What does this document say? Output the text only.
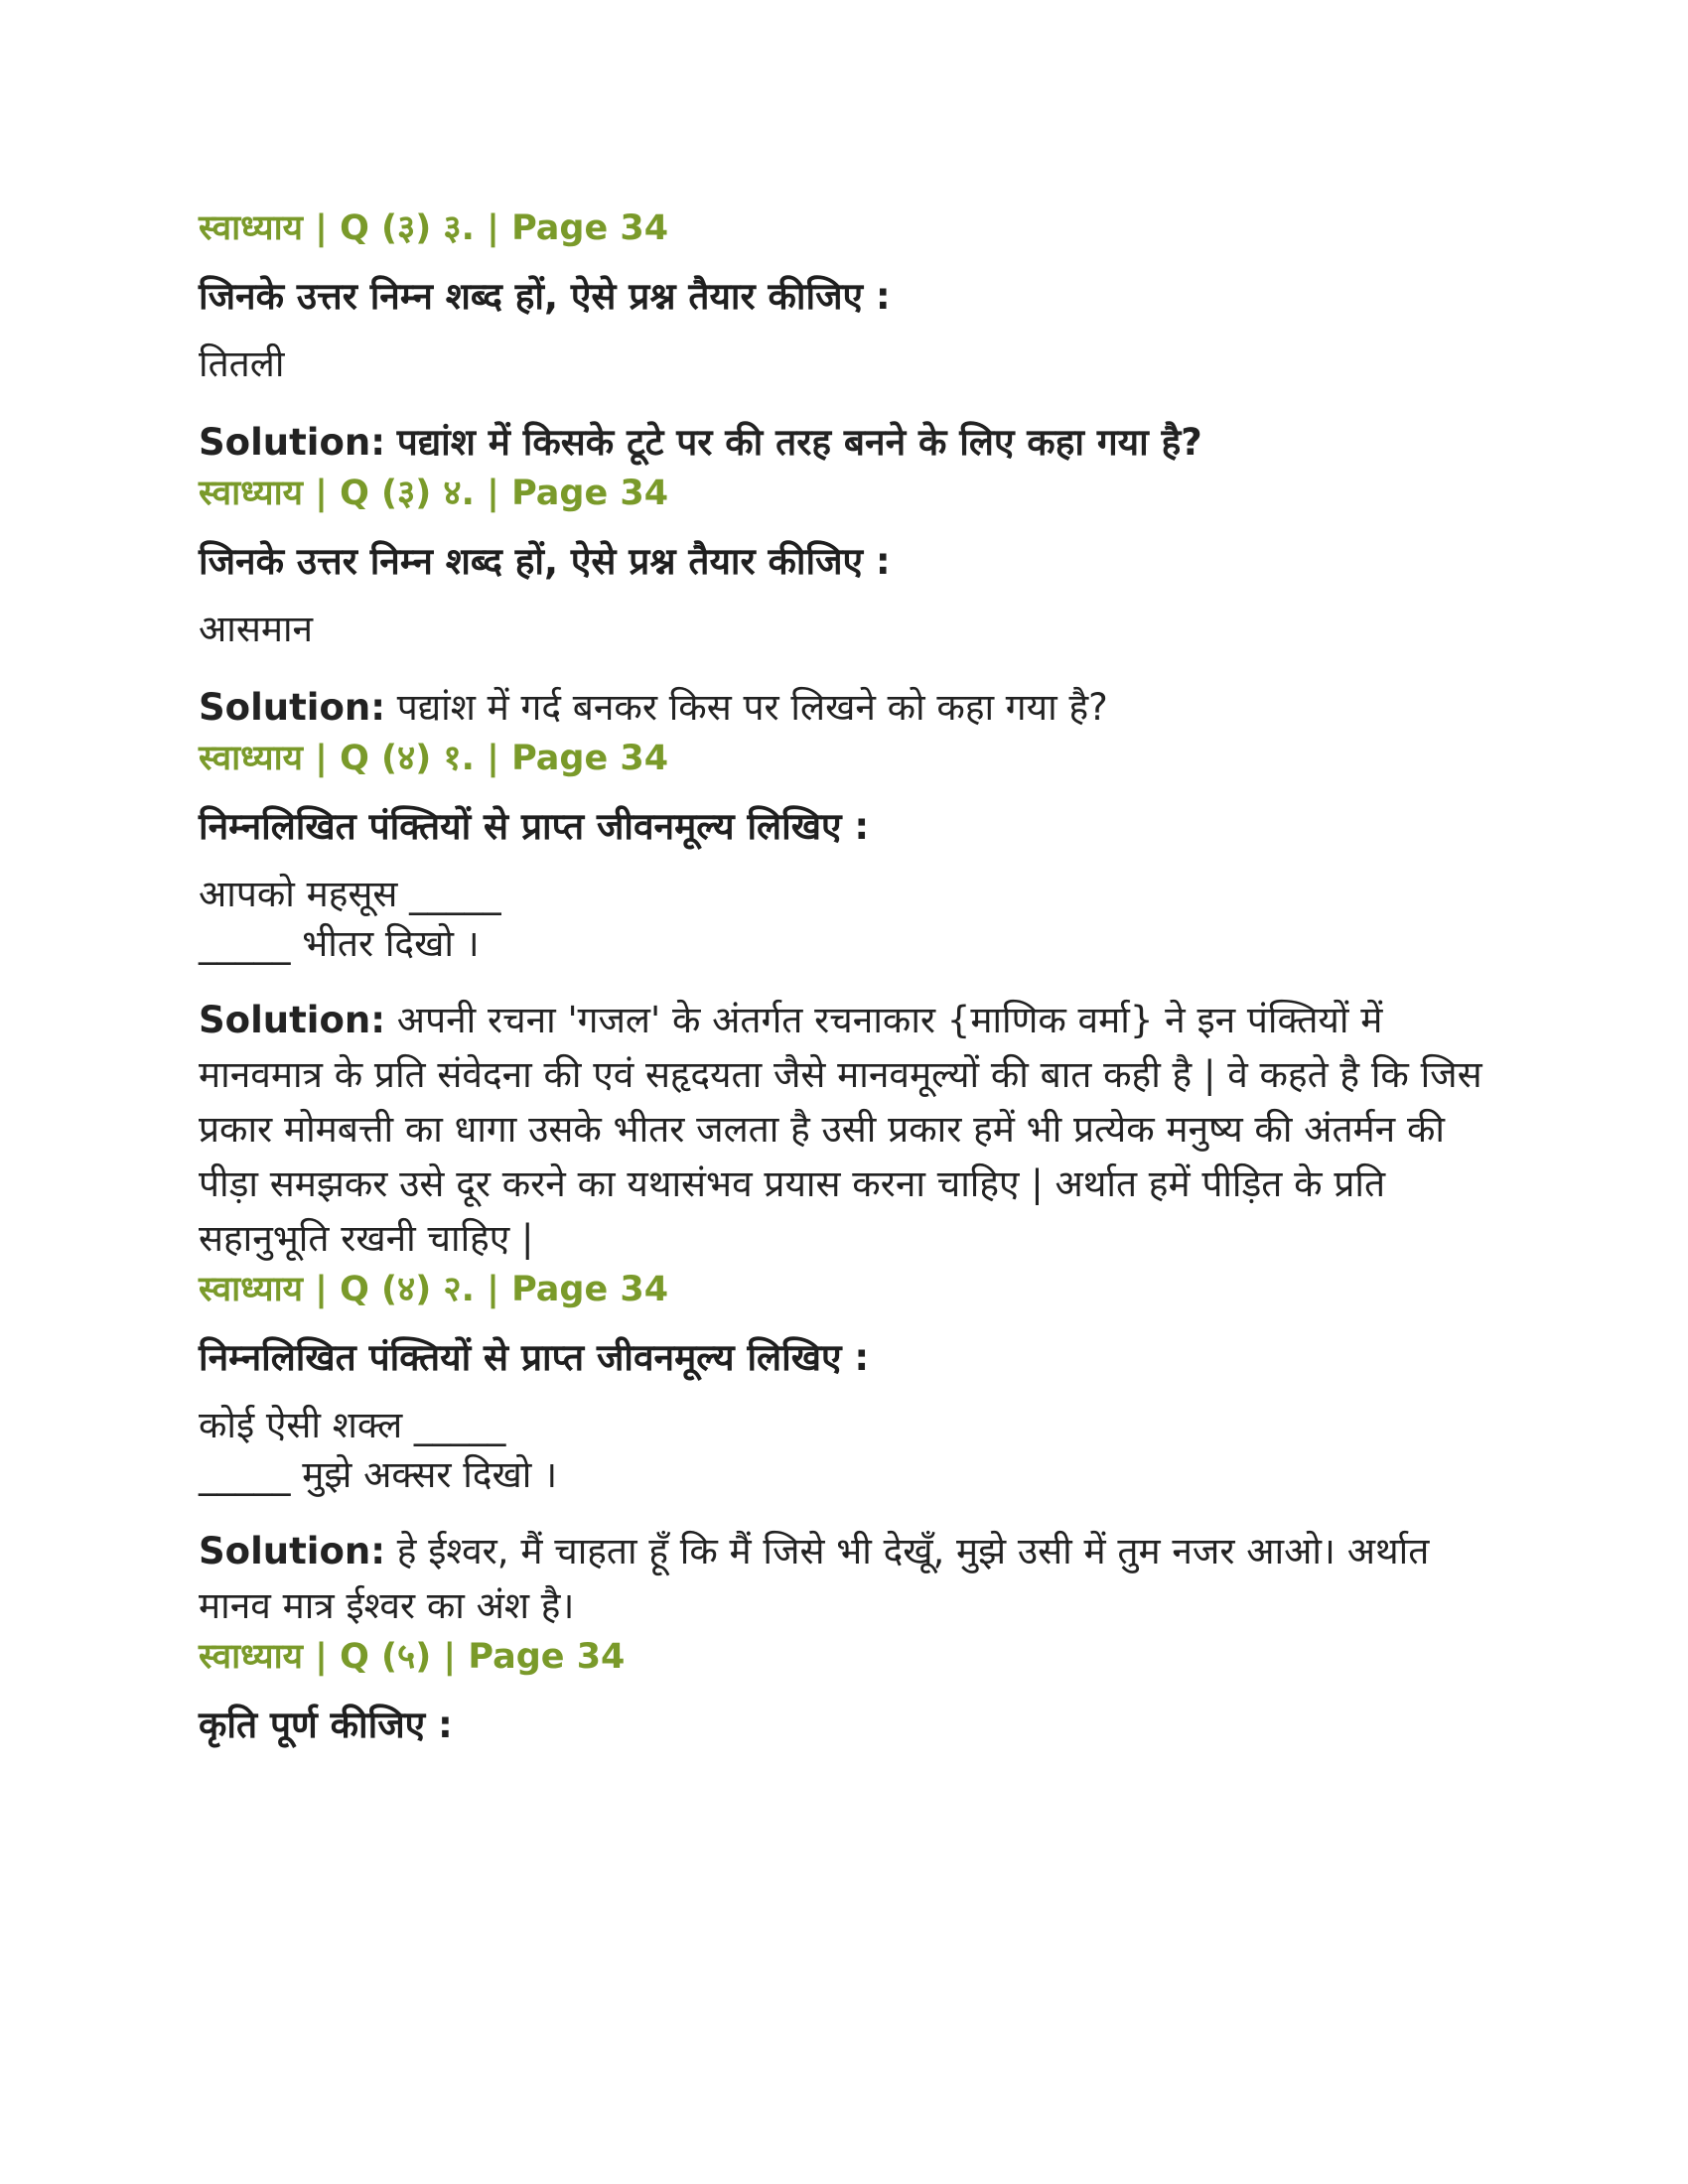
स्वाध्याय | Q (३) ३. | Page 34

जिनके उत्तर निम्न शब्द हों, ऐसे प्रश्न तैयार कीजिए :

तितली

Solution: पद्यांश में किसके टूटे पर की तरह बनने के लिए कहा गया है?

स्वाध्याय | Q (३) ४. | Page 34

जिनके उत्तर निम्न शब्द हों, ऐसे प्रश्न तैयार कीजिए :

आसमान

Solution: पद्यांश में गर्द बनकर किस पर लिखने को कहा गया है?

स्वाध्याय | Q (४) १. | Page 34

निम्नलिखित पंक्तियों से प्राप्त जीवनमूल्य लिखिए :

आपको महसूस _____
_____ भीतर दिखो ।

Solution: अपनी रचना 'गजल' के अंतर्गत रचनाकार {माणिक वर्मा} ने इन पंक्तियों में मानवमात्र के प्रति संवेदना की एवं सहृदयता जैसे मानवमूल्यों की बात कही है | वे कहते है कि जिस प्रकार मोमबत्ती का धागा उसके भीतर जलता है उसी प्रकार हमें भी प्रत्येक मनुष्य की अंतर्मन की पीड़ा समझकर उसे दूर करने का यथासंभव प्रयास करना चाहिए | अर्थात हमें पीड़ित के प्रति सहानुभूति रखनी चाहिए |

स्वाध्याय | Q (४) २. | Page 34

निम्नलिखित पंक्तियों से प्राप्त जीवनमूल्य लिखिए :

कोई ऐसी शक्ल _____
_____ मुझे अक्सर दिखो ।

Solution: हे ईश्वर, मैं चाहता हूँ कि मैं जिसे भी देखूँ, मुझे उसी में तुम नजर आओ। अर्थात मानव मात्र ईश्वर का अंश है।

स्वाध्याय | Q (५) | Page 34

कृति पूर्ण कीजिए :
